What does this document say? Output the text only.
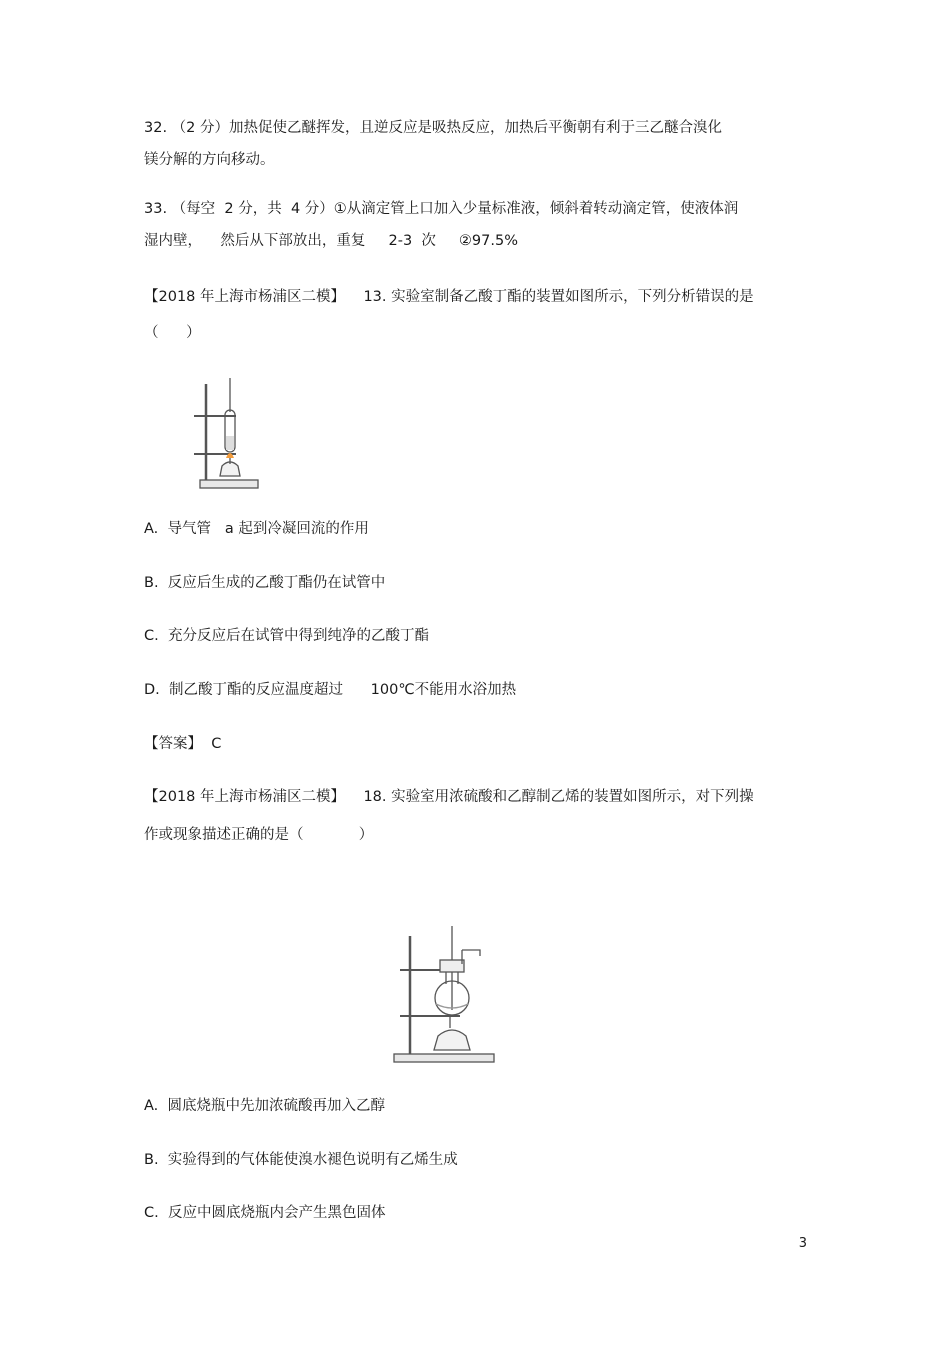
32. （2 分）加热促使乙醚挥发，且逆反应是吸热反应，加热后平衡朝有利于三乙醚合溴化
镁分解的方向移动。
33. （每空  2 分，共  4 分）①从滴定管上口加入少量标准液，倾斜着转动滴定管，使液体润
湿内壁，    然后从下部放出，重复     2-3  次     ②97.5%
【2018 年上海市杨浦区二模】    13. 实验室制备乙酸丁酯的装置如图所示，下列分析错误的是
（      ）
A.  导气管   a 起到冷凝回流的作用
B.  反应后生成的乙酸丁酯仍在试管中
C.  充分反应后在试管中得到纯净的乙酸丁酯
D.  制乙酸丁酯的反应温度超过      100℃不能用水浴加热
【答案】  C
【2018 年上海市杨浦区二模】    18. 实验室用浓硫酸和乙醇制乙烯的装置如图所示，对下列操
作或现象描述正确的是（            ）
A.  圆底烧瓶中先加浓硫酸再加入乙醇
B.  实验得到的气体能使溴水褪色说明有乙烯生成
C.  反应中圆底烧瓶内会产生黑色固体
3
